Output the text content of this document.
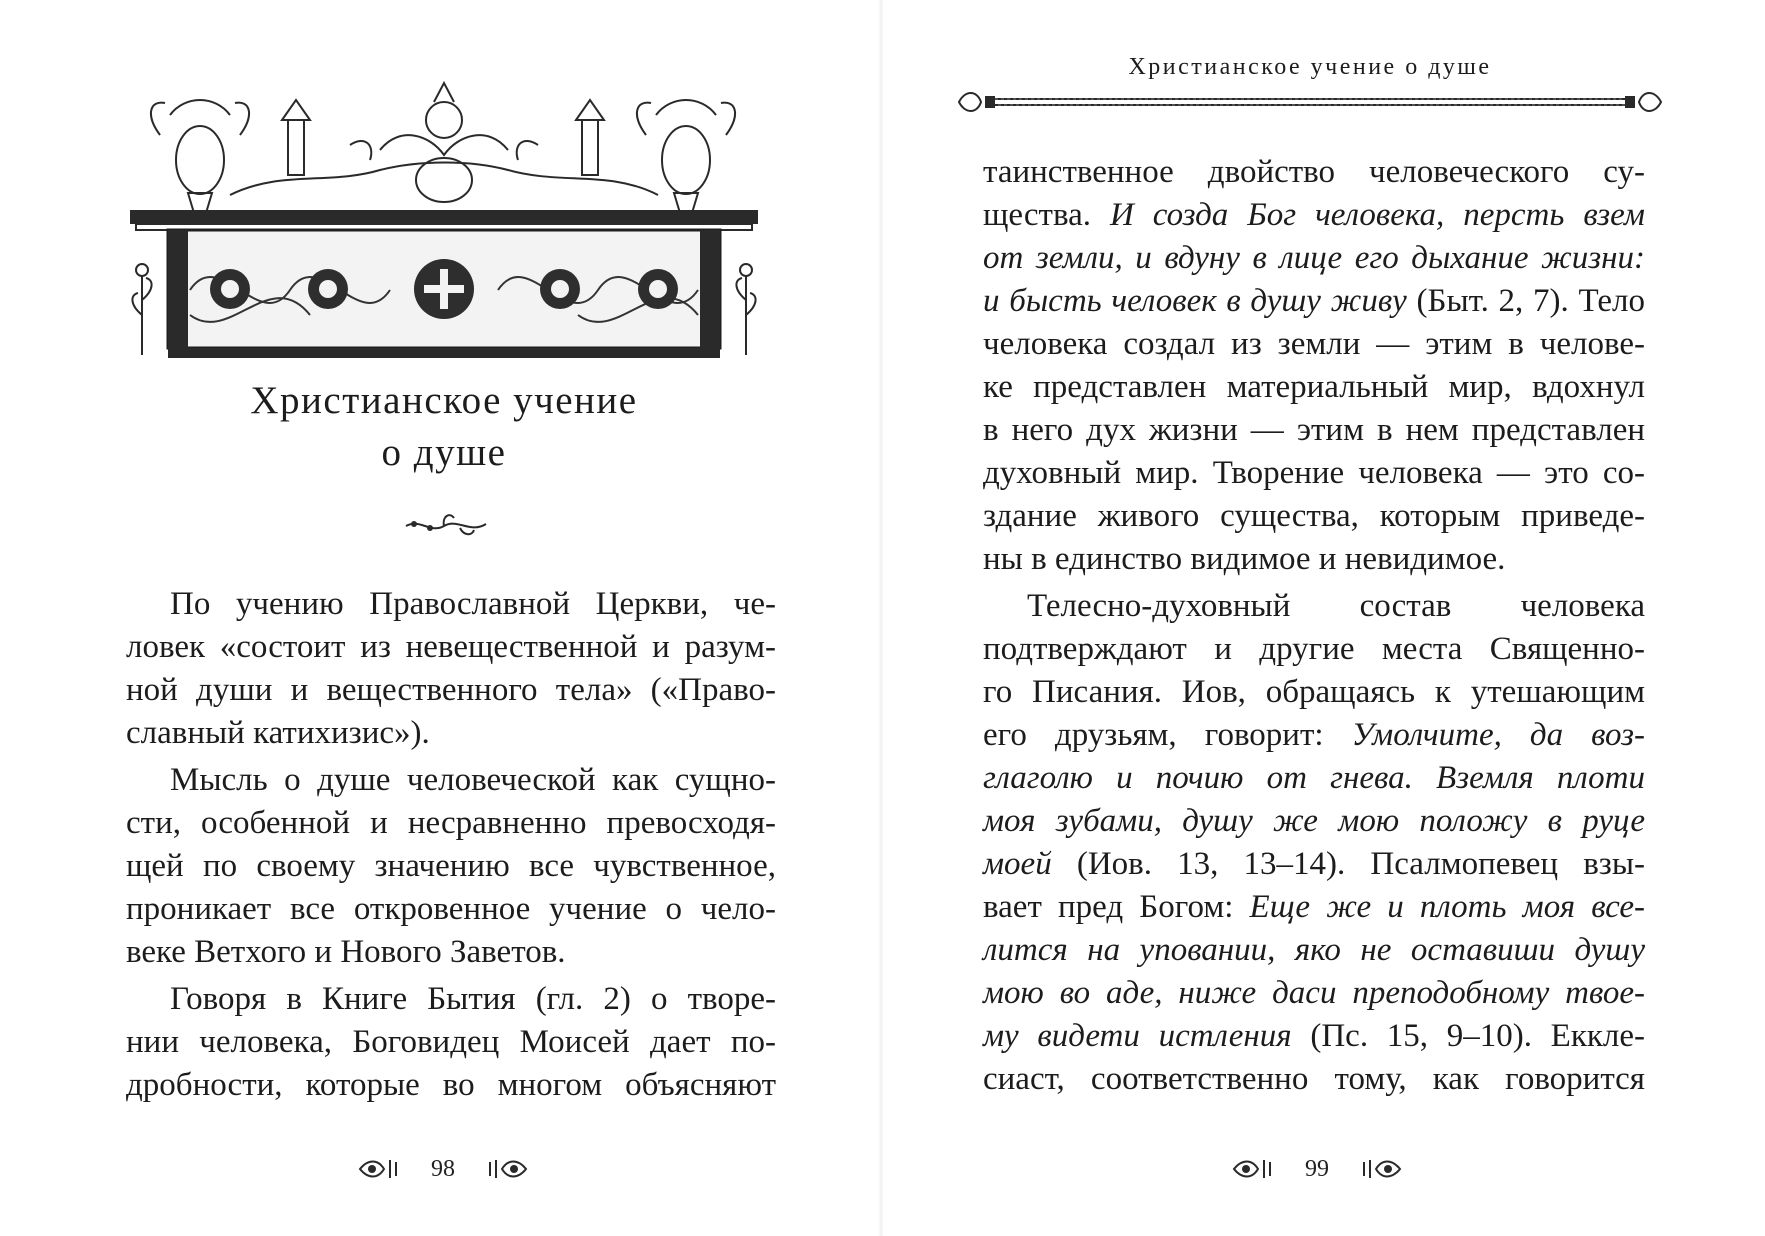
Христианское учение
о душе
По учению Православной Церкви, че-
ловек «состоит из невещественной и разум-
ной души и вещественного тела» («Право-
славный катихизис»).
Мысль о душе человеческой как сущно-
сти, особенной и несравненно превосходя-
щей по своему значению все чувственное,
проникает все откровенное учение о чело-
веке Ветхого и Нового Заветов.
Говоря в Книге Бытия (гл. 2) о творе-
нии человека, Боговидец Моисей дает по-
дробности, которые во многом объясняют
98
Христианское учение о душе
таинственное двойство человеческого су-
щества. И созда Бог человека, персть взем
от земли, и вдуну в лице его дыхание жизни:
и бысть человек в душу живу (Быт. 2, 7). Тело
человека создал из земли — этим в челове-
ке представлен материальный мир, вдохнул
в него дух жизни — этим в нем представлен
духовный мир. Творение человека — это со-
здание живого существа, которым приведе-
ны в единство видимое и невидимое.
Телесно-духовный состав человека
подтверждают и другие места Священно-
го Писания. Иов, обращаясь к утешающим
его друзьям, говорит: Умолчите, да воз-
глаголю и почию от гнева. Вземля плоти
моя зубами, душу же мою положу в руце
моей (Иов. 13, 13–14). Псалмопевец взы-
вает пред Богом: Еще же и плоть моя все-
лится на уповании, яко не оставиши душу
мою во аде, ниже даси преподобному твое-
му видети истления (Пс. 15, 9–10). Еккле-
сиаст, соответственно тому, как говорится
99
